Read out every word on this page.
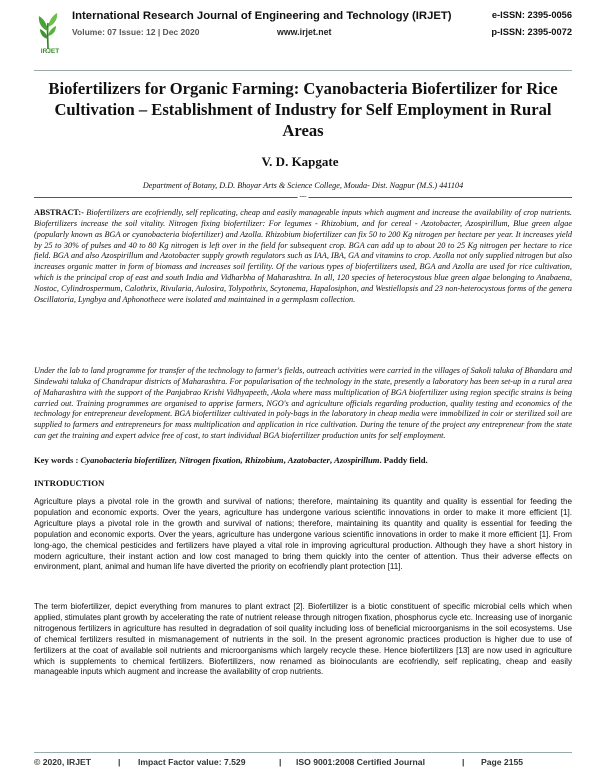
IRJET
International Research Journal of Engineering and Technology (IRJET)	e-ISSN: 2395-0056
Volume: 07 Issue: 12 | Dec 2020	www.irjet.net	p-ISSN: 2395-0072
Biofertilizers for Organic Farming: Cyanobacteria Biofertilizer for Rice Cultivation – Establishment of Industry for Self Employment in Rural Areas
V. D. Kapgate
Department of Botany, D.D. Bhoyar Arts & Science College, Mouda- Dist. Nagpur (M.S.) 441104
---

ABSTRACT:- Biofertilizers are ecofriendly, self replicating, cheap and easily manageable inputs which augment and increase the availability of crop nutrients. Biofertilizers increase the soil vitality. Nitrogen fixing biofertilizer: For legumes - Rhizobium, and for cereal - Azotobacter, Azospirillum, Blue green algae (popularly known as BGA or cyanobacteria biofertilizer) and Azolla. Rhizobium biofertilizer can fix 50 to 200 Kg nitrogen per hectare per year. It increases yield by 25 to 30% of pulses and 40 to 80 Kg nitrogen is left over in the field for subsequent crop. BGA can add up to about 20 to 25 Kg nitrogen per hectare to rice field. BGA and also Azospirillum and Azotobacter supply growth regulators such as IAA, IBA, GA and vitamins to crop. Azolla not only supplied nitrogen but also increases organic matter in form of biomass and increases soil fertility. Of the various types of biofertilizers used, BGA and Azolla are used for rice cultivation, which is the principal crop of east and south India and Vidharbha of Maharashtra. In all, 120 species of heterocystous blue green algae belonging to Anabaena, Nostoc, Cylindrospermum, Calothrix, Rivularia, Aulosira, Tolypothrix, Scytonema, Hapalosiphon, and Westiellopsis and 23 non-heterocystous forms of the genera Oscillatoria, Lyngbya and Aphonothece were isolated and maintained in a germplasm collection.

Under the lab to land programme for transfer of the technology to farmer's fields, outreach activities were carried in the villages of Sakoli taluka of Bhandara and Sindewahi taluka of Chandrapur districts of Maharashtra. For popularisation of the technology in the state, presently a laboratory has been set-up in a rural area of Maharashtra with the support of the Panjabrao Krishi Vidhyapeeth, Akola where mass multiplication of BGA biofertilizer using region specific strains is being carried out. Training programmes are organised to apprise farmers, NGO's and agriculture officials regarding production, quality testing and economics of the technology for entrepreneur development. BGA biofertilizer cultivated in poly-bags in the laboratory in cheap media were immobilized in coir or sterilized soil are supplied to farmers and entrepreneurs for mass multiplication and application in rice cultivation. During the tenure of the project any entrepreneur from the state can get the training and expert advice free of cost, to start individual BGA biofertilizer production units for self employment.

Key words : Cyanobacteria biofertilizer, Nitrogen fixation, Rhizobium, Azatobacter, Azospirillum. Paddy field.

INTRODUCTION

Agriculture plays a pivotal role in the growth and survival of nations; therefore, maintaining its quantity and quality is essential for feeding the population and economic exports. Over the years, agriculture has undergone various scientific innovations in order to make it more efficient [1]. Agriculture plays a pivotal role in the growth and survival of nations; therefore, maintaining its quantity and quality is essential for feeding the population and economic exports. Over the years, agriculture has undergone various scientific innovations in order to make it more efficient [1]. From long-ago, the chemical pesticides and fertilizers have played a vital role in improving agricultural production. Although they have a short history in modern agriculture, their instant action and low cost managed to bring them quickly into the center of attention. Thus their adverse effects on environment, plant, animal and human life have diverted the priority on ecofriendly plant protection [11].

The term biofertilizer, depict everything from manures to plant extract [2]. Biofertilizer is a biotic constituent of specific microbial cells which when applied, stimulates plant growth by accelerating the rate of nutrient release through nitrogen fixation, phosphorus cycle etc. Increasing use of inorganic nitrogenous fertilizers in agriculture has resulted in degradation of soil quality including loss of beneficial microorganisms in the soil ecosystems. Use of chemical fertilizers resulted in mismanagement of nutrients in the soil. In the present agronomic practices production is higher due to use of fertilizers at the coat of available soil nutrients and microorganisms which largely recycle these. Hence biofertilizers [13] are now used in agriculture which is supplements to chemical fertilizers. Biofertilizers, now renamed as bioinoculants are ecofriendly, self replicating, cheap and easily manageable inputs which augment and increase the availability of crop nutrients.

© 2020, IRJET	| Impact Factor value: 7.529	| ISO 9001:2008 Certified Journal	| Page 2155
